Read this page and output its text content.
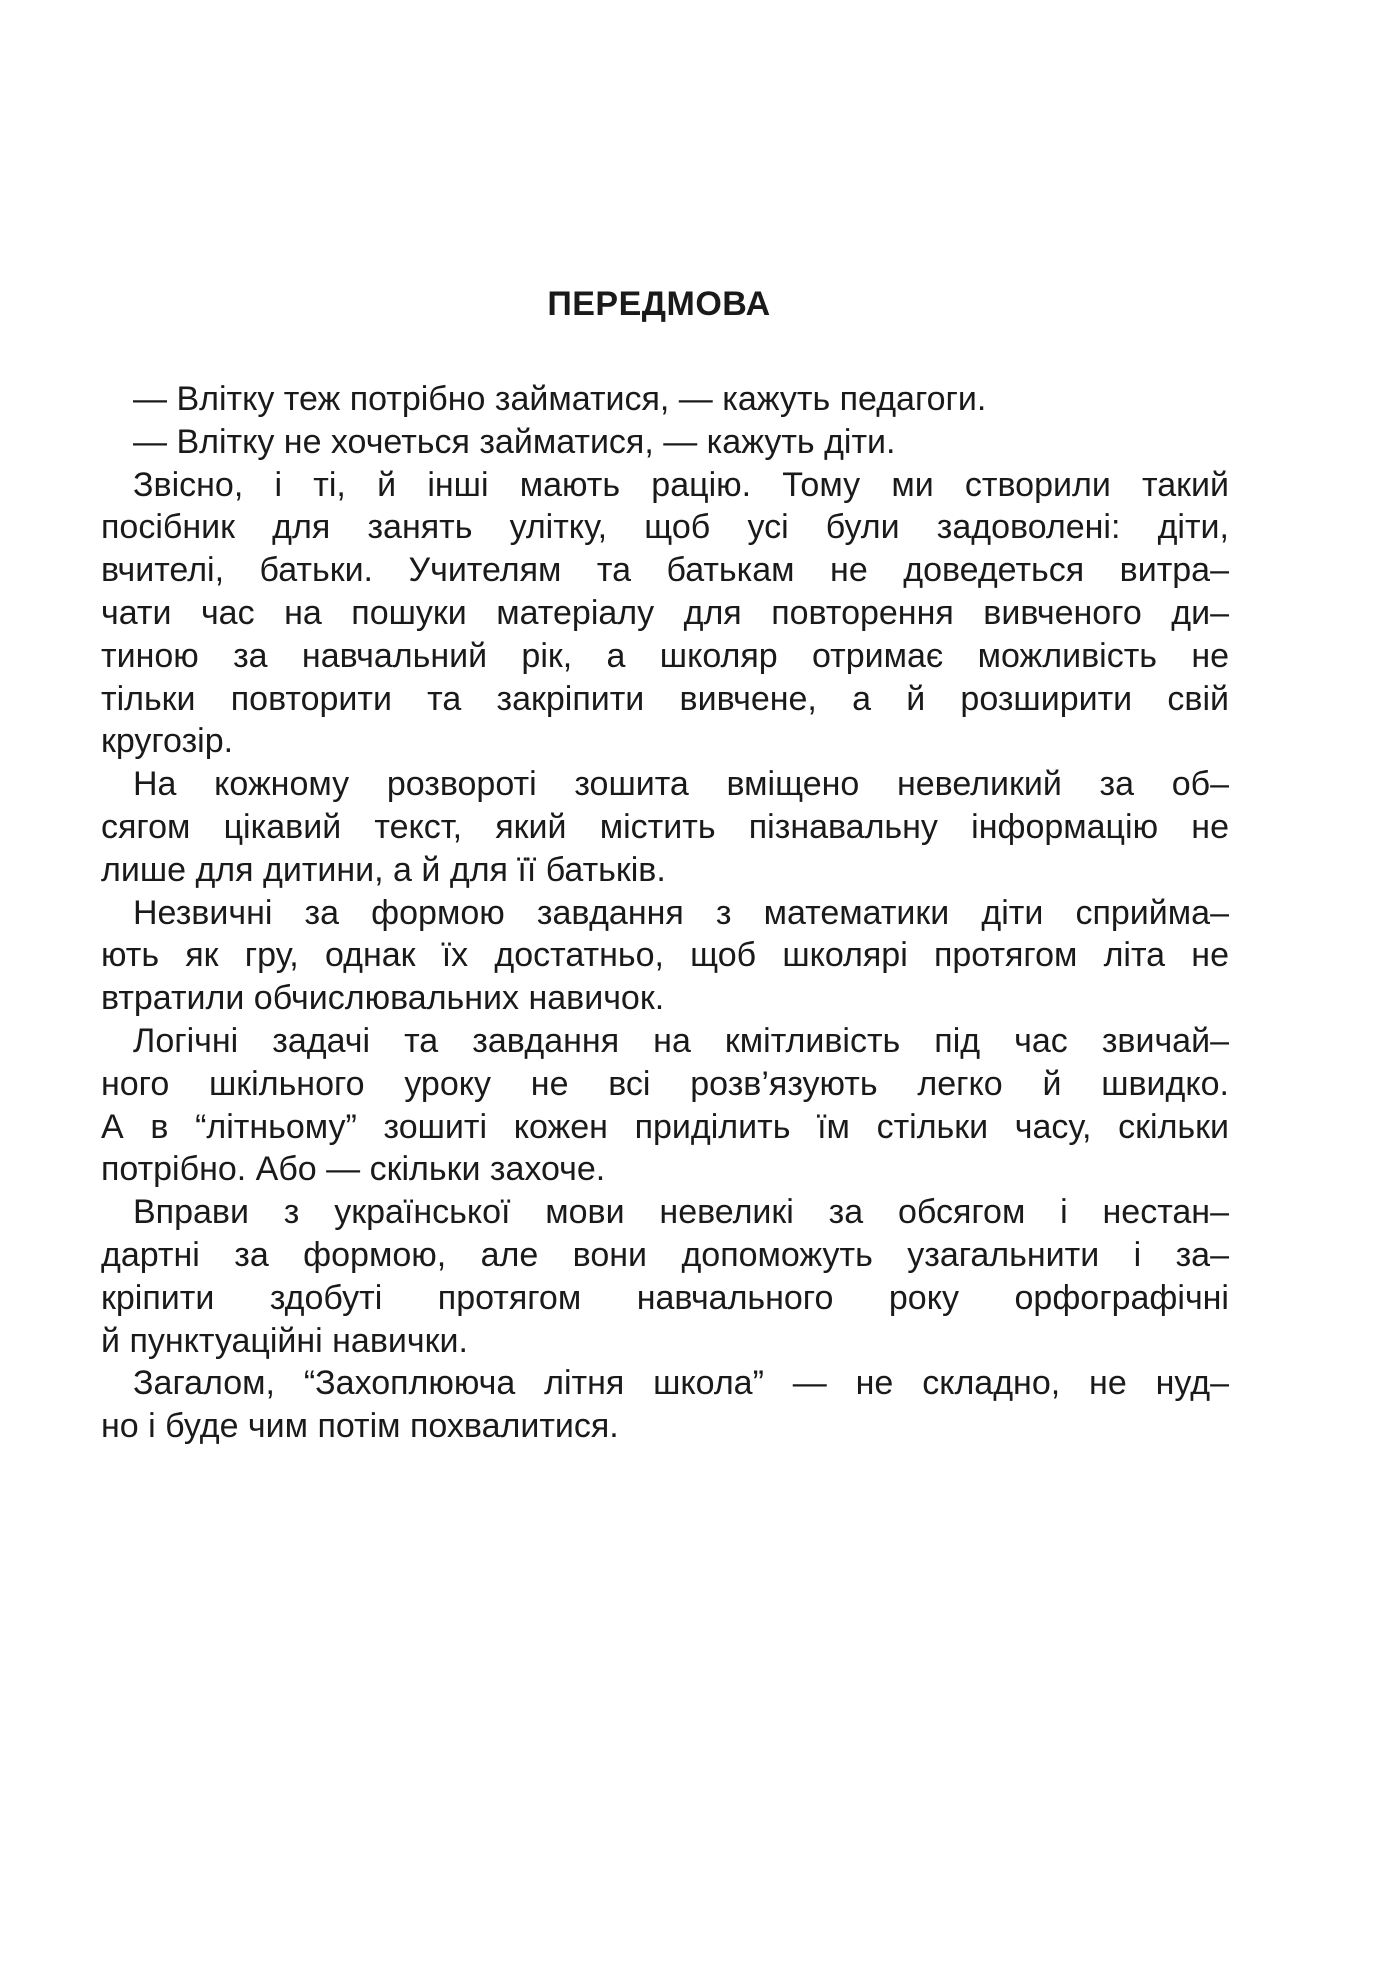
ПЕРЕДМОВА
— Влітку теж потрібно займатися, — кажуть педагоги.
— Влітку не хочеться займатися, — кажуть діти.
Звісно, і ті, й інші мають рацію. Тому ми створили такий
посібник для занять улітку, щоб усі були задоволені: діти,
вчителі, батьки. Учителям та батькам не доведеться витра–
чати час на пошуки матеріалу для повторення вивченого ди–
тиною за навчальний рік, а школяр отримає можливість не
тільки повторити та закріпити вивчене, а й розширити свій
кругозір.
На кожному розвороті зошита вміщено невеликий за об–
сягом цікавий текст, який містить пізнавальну інформацію не
лише для дитини, а й для її батьків.
Незвичні за формою завдання з математики діти сприйма–
ють як гру, однак їх достатньо, щоб школярі протягом літа не
втратили обчислювальних навичок.
Логічні задачі та завдання на кмітливість під час звичай–
ного шкільного уроку не всі розв’язують легко й швидко.
А в “літньому” зошиті кожен приділить їм стільки часу, скільки
потрібно. Або — скільки захоче.
Вправи з української мови невеликі за обсягом і нестан–
дартні за формою, але вони допоможуть узагальнити і за–
кріпити здобуті протягом навчального року орфографічні
й пунктуаційні навички.
Загалом, “Захоплююча літня школа” — не складно, не нуд–
но і буде чим потім похвалитися.
